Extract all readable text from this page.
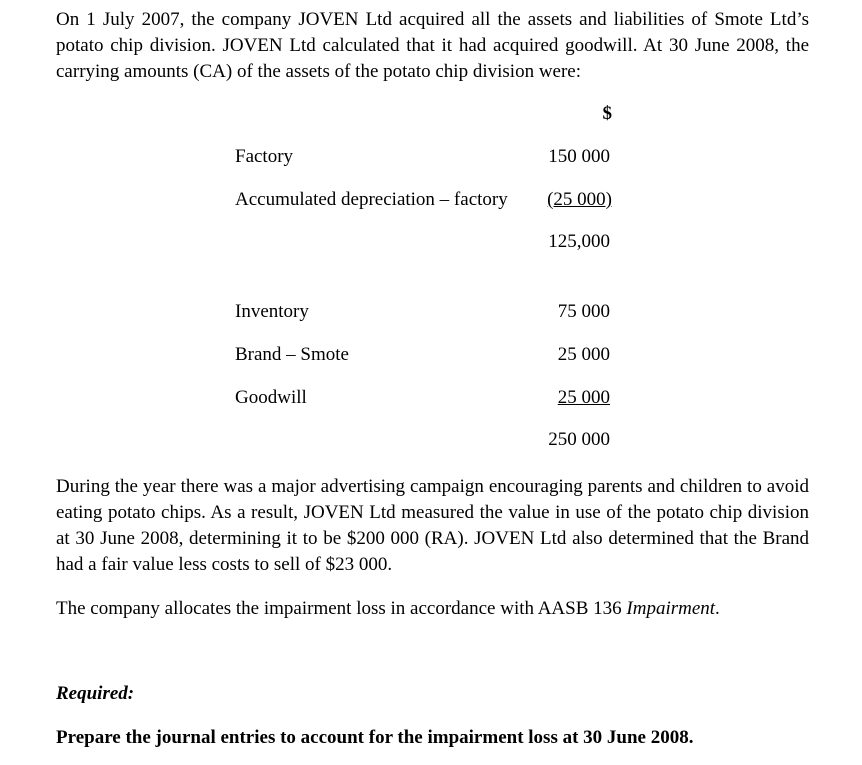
On 1 July 2007, the company JOVEN Ltd acquired all the assets and liabilities of Smote Ltd’s potato chip division. JOVEN Ltd calculated that it had acquired goodwill. At 30 June 2008, the carrying amounts (CA) of the assets of the potato chip division were:

$
Factory	150 000
Accumulated depreciation – factory (25 000)
125,000
Inventory	75 000
Brand – Smote	25 000
Goodwill	25 000
250 000

During the year there was a major advertising campaign encouraging parents and children to avoid eating potato chips. As a result, JOVEN Ltd measured the value in use of the potato chip division at 30 June 2008, determining it to be $200 000 (RA). JOVEN Ltd also determined that the Brand had a fair value less costs to sell of $23 000.

The company allocates the impairment loss in accordance with AASB 136 Impairment.

Required:

Prepare the journal entries to account for the impairment loss at 30 June 2008.
